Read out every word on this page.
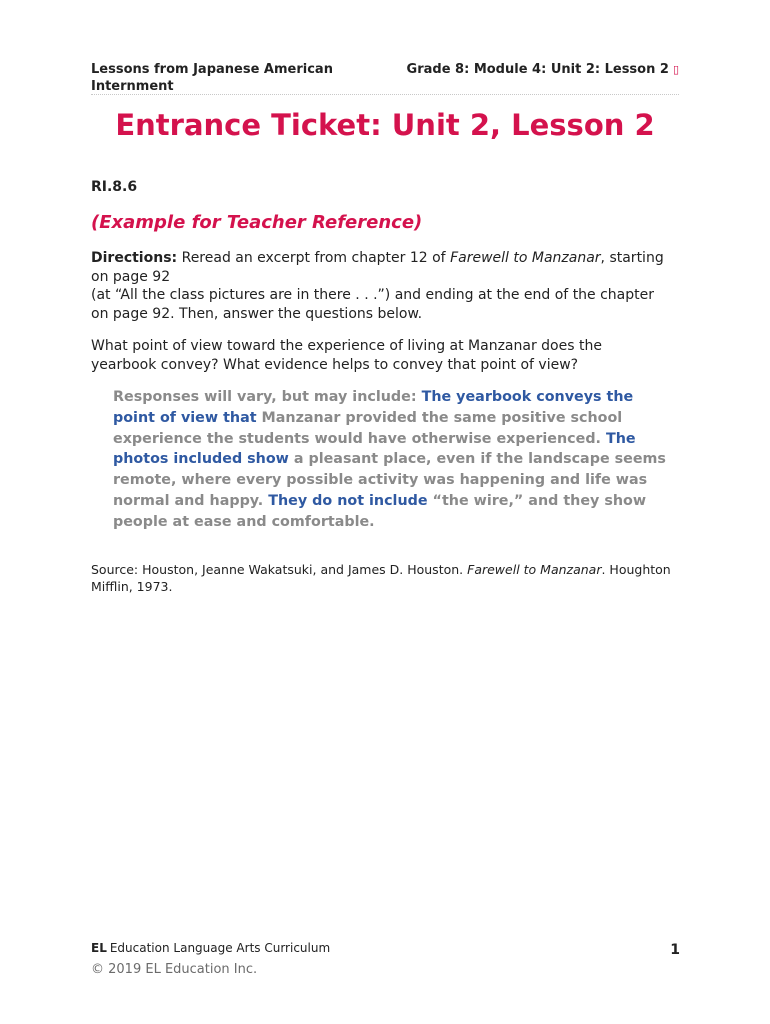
Lessons from Japanese American Internment
Grade 8: Module 4: Unit 2: Lesson 2 ▯
Entrance Ticket: Unit 2, Lesson 2
RI.8.6
(Example for Teacher Reference)
Directions: Reread an excerpt from chapter 12 of Farewell to Manzanar, starting on page 92
(at “All the class pictures are in there . . .”) and ending at the end of the chapter on page 92. Then, answer the questions below.
What point of view toward the experience of living at Manzanar does the yearbook convey? What evidence helps to convey that point of view?
Responses will vary, but may include: The yearbook conveys the point of view that Manzanar provided the same positive school experience the students would have otherwise experienced. The photos included show a pleasant place, even if the landscape seems remote, where every possible activity was happening and life was normal and happy. They do not include “the wire,” and they show people at ease and comfortable.
Source: Houston, Jeanne Wakatsuki, and James D. Houston. Farewell to Manzanar. Houghton Mifflin, 1973.
EL Education Language Arts Curriculum	1
© 2019 EL Education Inc.
